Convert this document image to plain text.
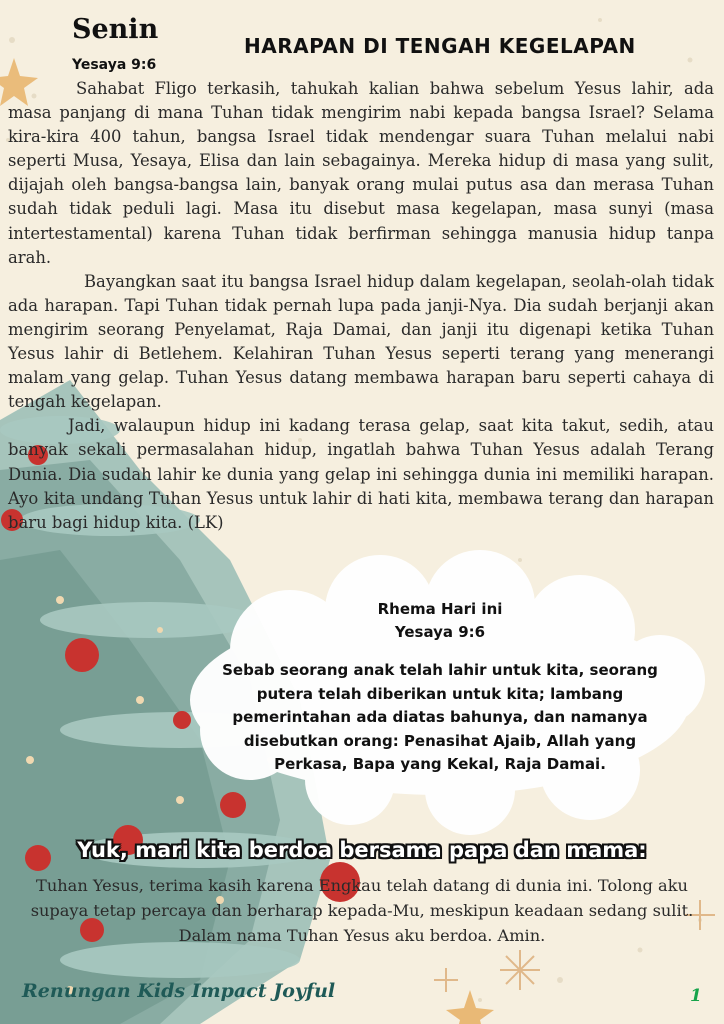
Senin
Yesaya 9:6
HARAPAN DI TENGAH KEGELAPAN

Sahabat Fligo terkasih, tahukah kalian bahwa sebelum Yesus lahir, ada masa panjang di mana Tuhan tidak mengirim nabi kepada bangsa Israel? Selama kira-kira 400 tahun, bangsa Israel tidak mendengar suara Tuhan melalui nabi seperti Musa, Yesaya, Elisa dan lain sebagainya. Mereka hidup di masa yang sulit, dijajah oleh bangsa-bangsa lain, banyak orang mulai putus asa dan merasa Tuhan sudah tidak peduli lagi. Masa itu disebut masa kegelapan, masa sunyi (masa intertestamental) karena Tuhan tidak berfirman sehingga manusia hidup tanpa arah.

Bayangkan saat itu bangsa Israel hidup dalam kegelapan, seolah-olah tidak ada harapan. Tapi Tuhan tidak pernah lupa pada janji-Nya. Dia sudah berjanji akan mengirim seorang Penyelamat, Raja Damai, dan janji itu digenapi ketika Tuhan Yesus lahir di Betlehem. Kelahiran Tuhan Yesus seperti terang yang menerangi malam yang gelap. Tuhan Yesus datang membawa harapan baru seperti cahaya di tengah kegelapan.

Jadi, walaupun hidup ini kadang terasa gelap, saat kita takut, sedih, atau banyak sekali permasalahan hidup, ingatlah bahwa Tuhan Yesus adalah Terang Dunia. Dia sudah lahir ke dunia yang gelap ini sehingga dunia ini memiliki harapan. Ayo kita undang Tuhan Yesus untuk lahir di hati kita, membawa terang dan harapan baru bagi hidup kita. (LK)

Rhema Hari ini
Yesaya 9:6
Sebab seorang anak telah lahir untuk kita, seorang putera telah diberikan untuk kita; lambang pemerintahan ada diatas bahunya, dan namanya disebutkan orang: Penasihat Ajaib, Allah yang Perkasa, Bapa yang Kekal, Raja Damai.
Yuk, mari kita berdoa bersama papa dan mama:
Tuhan Yesus, terima kasih karena Engkau telah datang di dunia ini. Tolong aku supaya tetap percaya dan berharap kepada-Mu, meskipun keadaan sedang sulit. Dalam nama Tuhan Yesus aku berdoa. Amin.
Renungan Kids Impact Joyful	1
